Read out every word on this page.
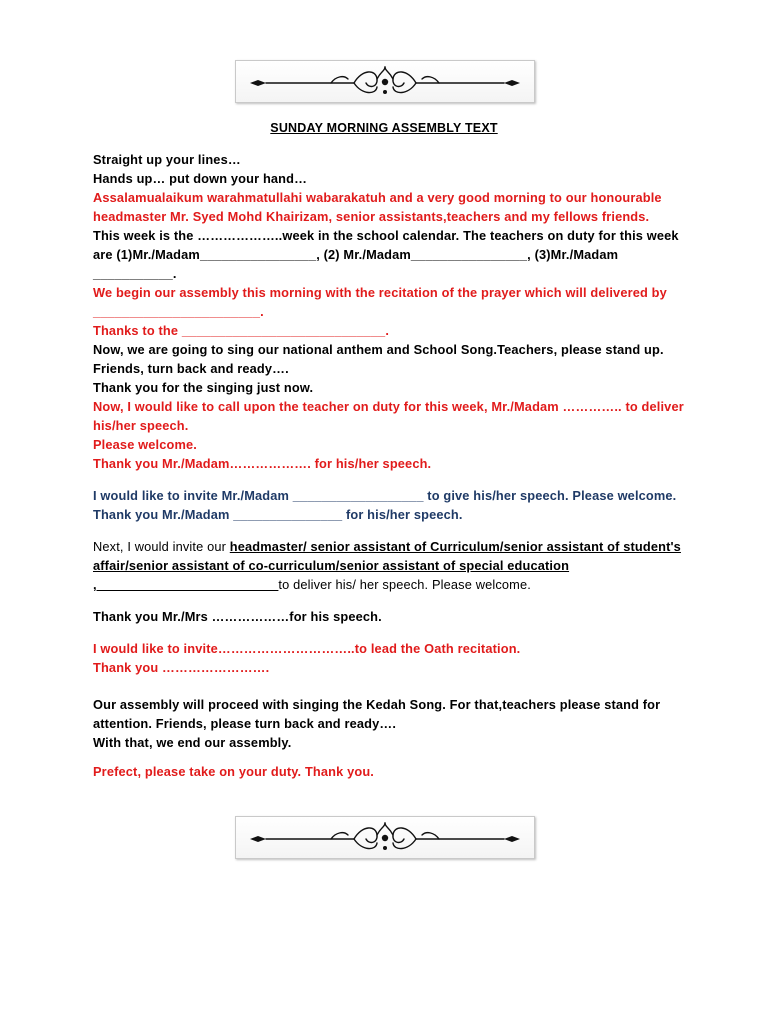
SUNDAY MORNING ASSEMBLY TEXT

Straight up your lines…

Hands up… put down your hand…

Assalamualaikum warahmatullahi wabarakatuh and a very good morning to our honourable headmaster Mr. Syed Mohd Khairizam, senior assistants,teachers and my fellows friends.

This week is the ………………..week in the school calendar. The teachers on duty for this week are (1)Mr./Madam________________, (2) Mr./Madam________________, (3)Mr./Madam ___________.

We begin our assembly this morning with the recitation of the prayer which will delivered by _______________________.

Thanks to the ____________________________.

Now, we are going to sing our national anthem and School Song.Teachers, please stand up. Friends, turn back and ready….

Thank you for the singing just now.

Now, I would like to call upon the teacher on duty for this week, Mr./Madam ………….. to deliver his/her speech.

Please welcome.

Thank you Mr./Madam………………. for his/her speech.

I would like to invite Mr./Madam __________________ to give his/her speech. Please welcome. Thank you Mr./Madam _______________ for his/her speech.

Next, I would invite our headmaster/ senior assistant of Curriculum/senior assistant of student's affair/senior assistant of co-curriculum/senior assistant of special education ,_________________________to deliver his/ her speech. Please welcome.

Thank you Mr./Mrs ………………for his speech.

I would like to invite…………………………..to lead the Oath recitation.

Thank you …………………….

Our assembly will proceed with singing the Kedah Song. For that,teachers please stand for attention. Friends, please turn back and ready….

With that, we end our assembly.

Prefect, please take on your duty. Thank you.
